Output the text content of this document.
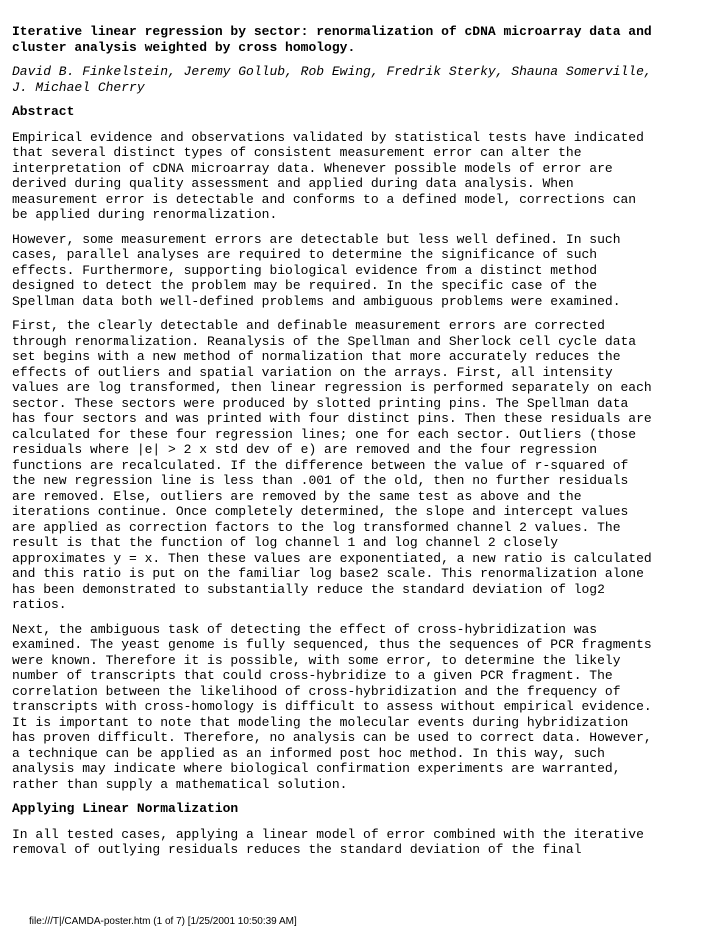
Iterative linear regression by sector: renormalization of cDNA microarray data and
cluster analysis weighted by cross homology.
David B. Finkelstein, Jeremy Gollub, Rob Ewing, Fredrik Sterky, Shauna Somerville,
J. Michael Cherry
Abstract
Empirical evidence and observations validated by statistical tests have indicated
that several distinct types of consistent measurement error can alter the
interpretation of cDNA microarray data. Whenever possible models of error are
derived during quality assessment and applied during data analysis. When
measurement error is detectable and conforms to a defined model, corrections can
be applied during renormalization.
However, some measurement errors are detectable but less well defined. In such
cases, parallel analyses are required to determine the significance of such
effects. Furthermore, supporting biological evidence from a distinct method
designed to detect the problem may be required. In the specific case of the
Spellman data both well-defined problems and ambiguous problems were examined.
First, the clearly detectable and definable measurement errors are corrected
through renormalization. Reanalysis of the Spellman and Sherlock cell cycle data
set begins with a new method of normalization that more accurately reduces the
effects of outliers and spatial variation on the arrays. First, all intensity
values are log transformed, then linear regression is performed separately on each
sector. These sectors were produced by slotted printing pins. The Spellman data
has four sectors and was printed with four distinct pins. Then these residuals are
calculated for these four regression lines; one for each sector. Outliers (those
residuals where |e| > 2 x std dev of e) are removed and the four regression
functions are recalculated. If the difference between the value of r-squared of
the new regression line is less than .001 of the old, then no further residuals
are removed. Else, outliers are removed by the same test as above and the
iterations continue. Once completely determined, the slope and intercept values
are applied as correction factors to the log transformed channel 2 values. The
result is that the function of log channel 1 and log channel 2 closely
approximates y = x. Then these values are exponentiated, a new ratio is calculated
and this ratio is put on the familiar log base2 scale. This renormalization alone
has been demonstrated to substantially reduce the standard deviation of log2
ratios.
Next, the ambiguous task of detecting the effect of cross-hybridization was
examined. The yeast genome is fully sequenced, thus the sequences of PCR fragments
were known. Therefore it is possible, with some error, to determine the likely
number of transcripts that could cross-hybridize to a given PCR fragment. The
correlation between the likelihood of cross-hybridization and the frequency of
transcripts with cross-homology is difficult to assess without empirical evidence.
It is important to note that modeling the molecular events during hybridization
has proven difficult. Therefore, no analysis can be used to correct data. However,
a technique can be applied as an informed post hoc method. In this way, such
analysis may indicate where biological confirmation experiments are warranted,
rather than supply a mathematical solution.
Applying Linear Normalization
In all tested cases, applying a linear model of error combined with the iterative
removal of outlying residuals reduces the standard deviation of the final
file:///T|/CAMDA-poster.htm (1 of 7) [1/25/2001 10:50:39 AM]
